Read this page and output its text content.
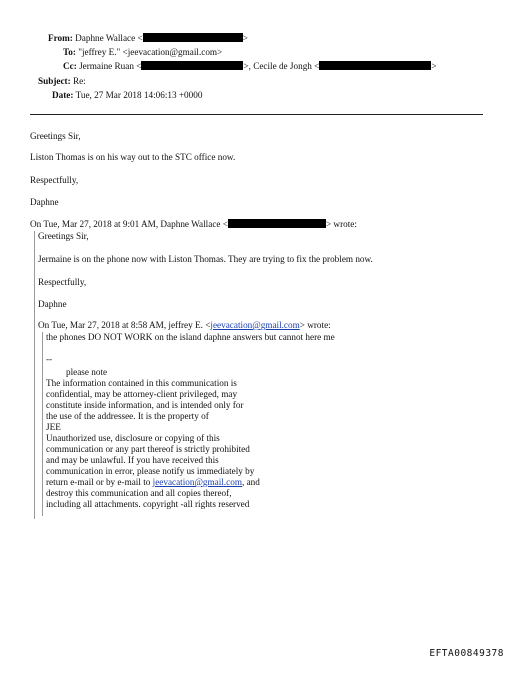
From: Daphne Wallace <	>
To: "jeffrey E." <jeevacation@gmail.com>
Cc: Jermaine Ruan <	>, Cecile de Jongh <	>
Subject: Re:
Date: Tue, 27 Mar 2018 14:06:13 +0000
Greetings Sir,
Liston Thomas is on his way out to the STC office now.
Respectfully,
Daphne
On Tue, Mar 27, 2018 at 9:01 AM, Daphne Wallace <	> wrote:
Greetings Sir,
Jermaine is on the phone now with Liston Thomas. They are trying to fix the problem now.
Respectfully,
Daphne
On Tue, Mar 27, 2018 at 8:58 AM, jeffrey E. <jeevacation@gmail.com> wrote:
the phones DO NOT WORK on the island daphne answers but cannot here me
--
please note
The information contained in this communication is
confidential, may be attorney-client privileged, may
constitute inside information, and is intended only for
the use of the addressee. It is the property of
JEE
Unauthorized use, disclosure or copying of this
communication or any part thereof is strictly prohibited
and may be unlawful. If you have received this
communication in error, please notify us immediately by
return e-mail or by e-mail to jeevacation@gmail.com, and
destroy this communication and all copies thereof,
including all attachments. copyright -all rights reserved
EFTA00849378
